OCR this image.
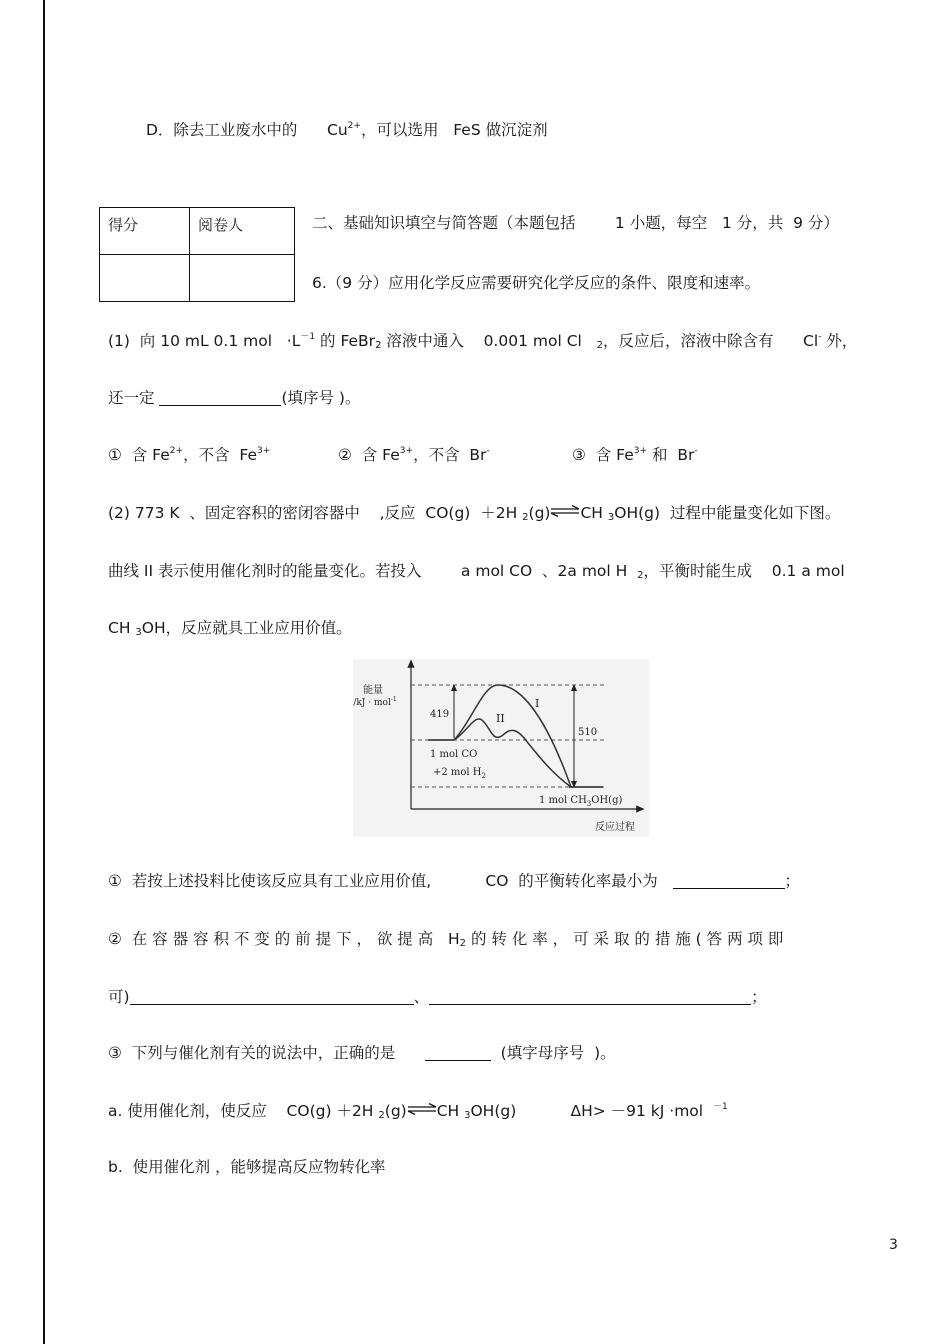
D．除去工业废水中的 $Cu^{2+}$，可以选用   FeS 做沉淀剂
得分	阅卷人
		二、基础知识填空与简答题（本题包括        1 小题，每空   1 分，共  9 分）
6.（9 分）应用化学反应需要研究化学反应的条件、限度和速率。
(1)  向 10 mL 0.1 mol   $\cdot L^{-1}$ 的 FeBr$_2$ 溶液中通入    0.001 mol Cl   $_2$，反应后，溶液中除含有      Cl- 外，
还一定	(填序号 )。
①  含 $Fe^{2+}$，不含  $Fe^{3+}$	②  含 $Fe^{3+}$，不含  Br-	③  含 $Fe^{3+}$ 和  Br-
(2) 773 K  、固定容积的密闭容器中    ,反应  CO(g)  ＋2H $_2$(g)⇌CH $_3$OH(g)  过程中能量变化如下图。
曲线 II 表示使用催化剂时的能量变化。若投入        a mol CO  、2a mol H  $_2$，平衡时能生成    0.1 a mol
CH $_3$OH，反应就具工业应用价值。
能量
/kJ · mol$^{-1}$
419
510
I
II
1 mol CO
+2 mol $H_2$
1 mol $CH_3OH(g)$
反应过程
①  若按上述投料比使该反应具有工业应用价值,           CO  的平衡转化率最小为	；
②  在 容 器 容 积 不 变 的 前 提 下 ， 欲 提 高   $H_2$ 的 转 化 率 ， 可 采 取 的 措 施 ( 答 两 项 即
可)	、	；
③  下列与催化剂有关的说法中，正确的是	(填字母序号  )。
a. 使用催化剂，使反应    CO(g) ＋2H $_2$(g)⇌CH $_3$OH(g)           ΔH> －91 kJ ·mol  $^{-1}$
b.  使用催化剂 ，能够提高反应物转化率
3
